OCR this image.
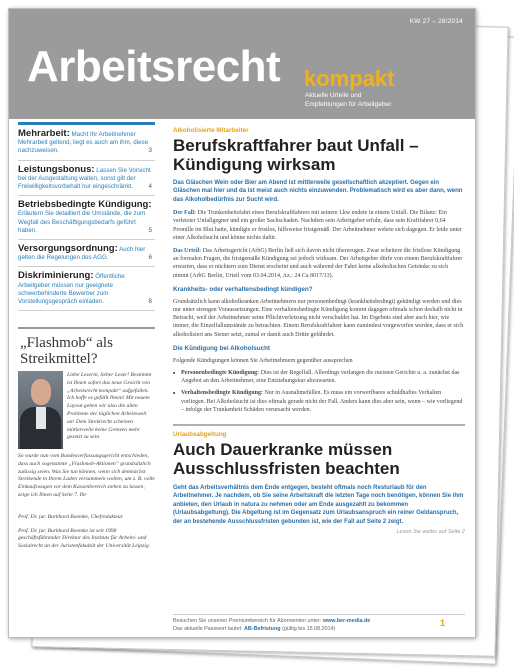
KW 27 – 28/2014
Arbeitsrecht kompakt
Aktuelle Urteile und
Empfehlungen für Arbeitgeber
Mehrarbeit: Macht Ihr Arbeitnehmer Mehrarbeit geltend, liegt es auch am ihm, diese nachzuweisen.	3
Leistungsbonus: Lassen Sie Vorsicht bei der Ausgestaltung walten, sonst gilt der Freiwilligkeitsvorbehalt nur eingeschränkt.	4
Betriebsbedingte Kündigung:
Erläutern Sie detailliert die Umstände, die zum Wegfall des Beschäftigungsbedarfs geführt haben.	5
Versorgungsordnung: Auch hier gelten die Regelungen des AGG.	6
Diskriminierung: Öffentliche Arbeitgeber müssen nur geeignete schwerbehinderte Bewerber zum Vorstellungsgespräch einladen.	8
„Flashmob“ als Streikmittel?
Liebe Leserin, lieber Leser! Bestimmt ist Ihnen sofort das neue Gesicht von „Arbeitsrecht kompakt“ aufgefallen. Ich hoffe es gefällt Ihnen! Mit neuem Layout geben wir also die alten Probleme der täglichen Arbeitswelt an! Dem Streikrecht scheinen mittlerweile keine Grenzen mehr gesetzt zu sein.
So wurde nun vom Bundesverfassungsgericht entschieden, dass auch sogenannte „Flashmob-Aktionen“ grundsätzlich zulässig seien. Was Sie tun können, wenn sich demnächst Streikende in Ihrem Laden versammeln wollen, um z. B. volle Einkaufswagen vor dem Kassenbereich stehen zu lassen, zeige ich Ihnen auf Seite 7. Ihr
Prof. Dr. jur. Burkhard Boemke, Chefredakteur
Prof. Dr. jur. Burkhard Boemke ist seit 1998 geschäftsführender Direktor des Instituts für Arbeits- und Sozialrecht an der Juristenfakultät der Universität Leipzig.
Alkoholisierte Mitarbeiter
Berufskraftfahrer baut Unfall – Kündigung wirksam
Das Gläschen Wein oder Bier am Abend ist mittlerweile gesellschaftlich akzeptiert. Gegen ein Gläschen mal hier und da ist meist auch nichts einzuwenden. Problematisch wird es aber dann, wenn das Alkoholbedürfnis zur Sucht wird.
Der Fall: Die Trunkenheitsfahrt eines Berufskraftfahrers mit seinem Lkw endete in einem Unfall. Die Bilanz: Ein verletzter Unfallgegner und ein großer Sachschaden. Nachdem sein Arbeitgeber erfuhr, dass sein Kraftfahrer 0,64 Promille im Blut hatte, kündigte er fristlos, hilfsweise fristgemäß. Der Arbeitnehmer wehrte sich dagegen. Er leide unter einer Alkoholsucht und könne nichts dafür.
Das Urteil: Das Arbeitsgericht (ArbG) Berlin ließ sich davon nicht überzeugen. Zwar scheitere die fristlose Kündigung an formalen Fragen, die fristgemäße Kündigung sei jedoch wirksam. Der Arbeitgeber dürfe von einem Berufskraftfahrer erwarten, dass er nüchtern zum Dienst erscheint und auch während der Fahrt keine alkoholischen Getränke zu sich nimmt (ArbG Berlin, Urteil vom 03.04.2014, Az.: 24 Ca 8017/13).
Krankheits- oder verhaltensbedingt kündigen?
Grundsätzlich kann alkoholkranken Arbeitnehmern nur personenbedingt (krankheitsbedingt) gekündigt werden und dies nur unter strengen Voraussetzungen. Eine verhaltensbedingte Kündigung kommt dagegen oftmals schon deshalb nicht in Betracht, weil der Arbeitnehmer seine Pflichtverletzung nicht verschuldet hat. Im Ergebnis sind aber auch hier, wie immer, die Einzelfallumstände zu betrachten. Einem Berufskraftfahrer kann zumindest vorgeworfen werden, dass er sich alkoholisiert ans Steuer setzt, zumal er damit auch Dritte gefährdet.
Die Kündigung bei Alkoholsucht
Folgende Kündigungen können Sie Arbeitnehmern gegenüber aussprechen
■ Personenbedingte Kündigung: Dies ist der Regelfall. Allerdings verlangen die meisten Gerichte u. a. zunächst das Angebot an den Arbeitnehmer, eine Entziehungskur abzuwarten.
■ Verhaltensbedingte Kündigung: Nur in Ausnahmefällen. Es muss ein vorwerfbares schuldhaftes Verhalten vorliegen. Bei Alkoholsucht ist dies oftmals gerade nicht der Fall. Anders kann dies aber sein, wenn – wie vorliegend – infolge der Trunkenheit Schäden verursacht werden.
Urlaubsabgeltung
Auch Dauerkranke müssen Ausschlussfristen beachten
Geht das Arbeitsverhältnis dem Ende entgegen, besteht oftmals noch Resturlaub für den Arbeitnehmer. Je nachdem, ob Sie seine Arbeitskraft die letzten Tage noch benötigen, können Sie ihm anbieten, den Urlaub in natura zu nehmen oder am Ende ausgezahlt zu bekommen (Urlaubsabgeltung). Die Abgeltung ist im Gegensatz zum Urlaubsanspruch ein reiner Geldanspruch, der an bestehende Ausschlussfristen gebunden ist, wie der Fall auf Seite 2 zeigt.
Lesen Sie weiter auf Seite 2
Besuchen Sie unseren Premiumbereich für Abonnenten unter: www.ber-media.de
Das aktuelle Passwort lautet: AB-Befristung (gültig bis 15.08.2014)
1
